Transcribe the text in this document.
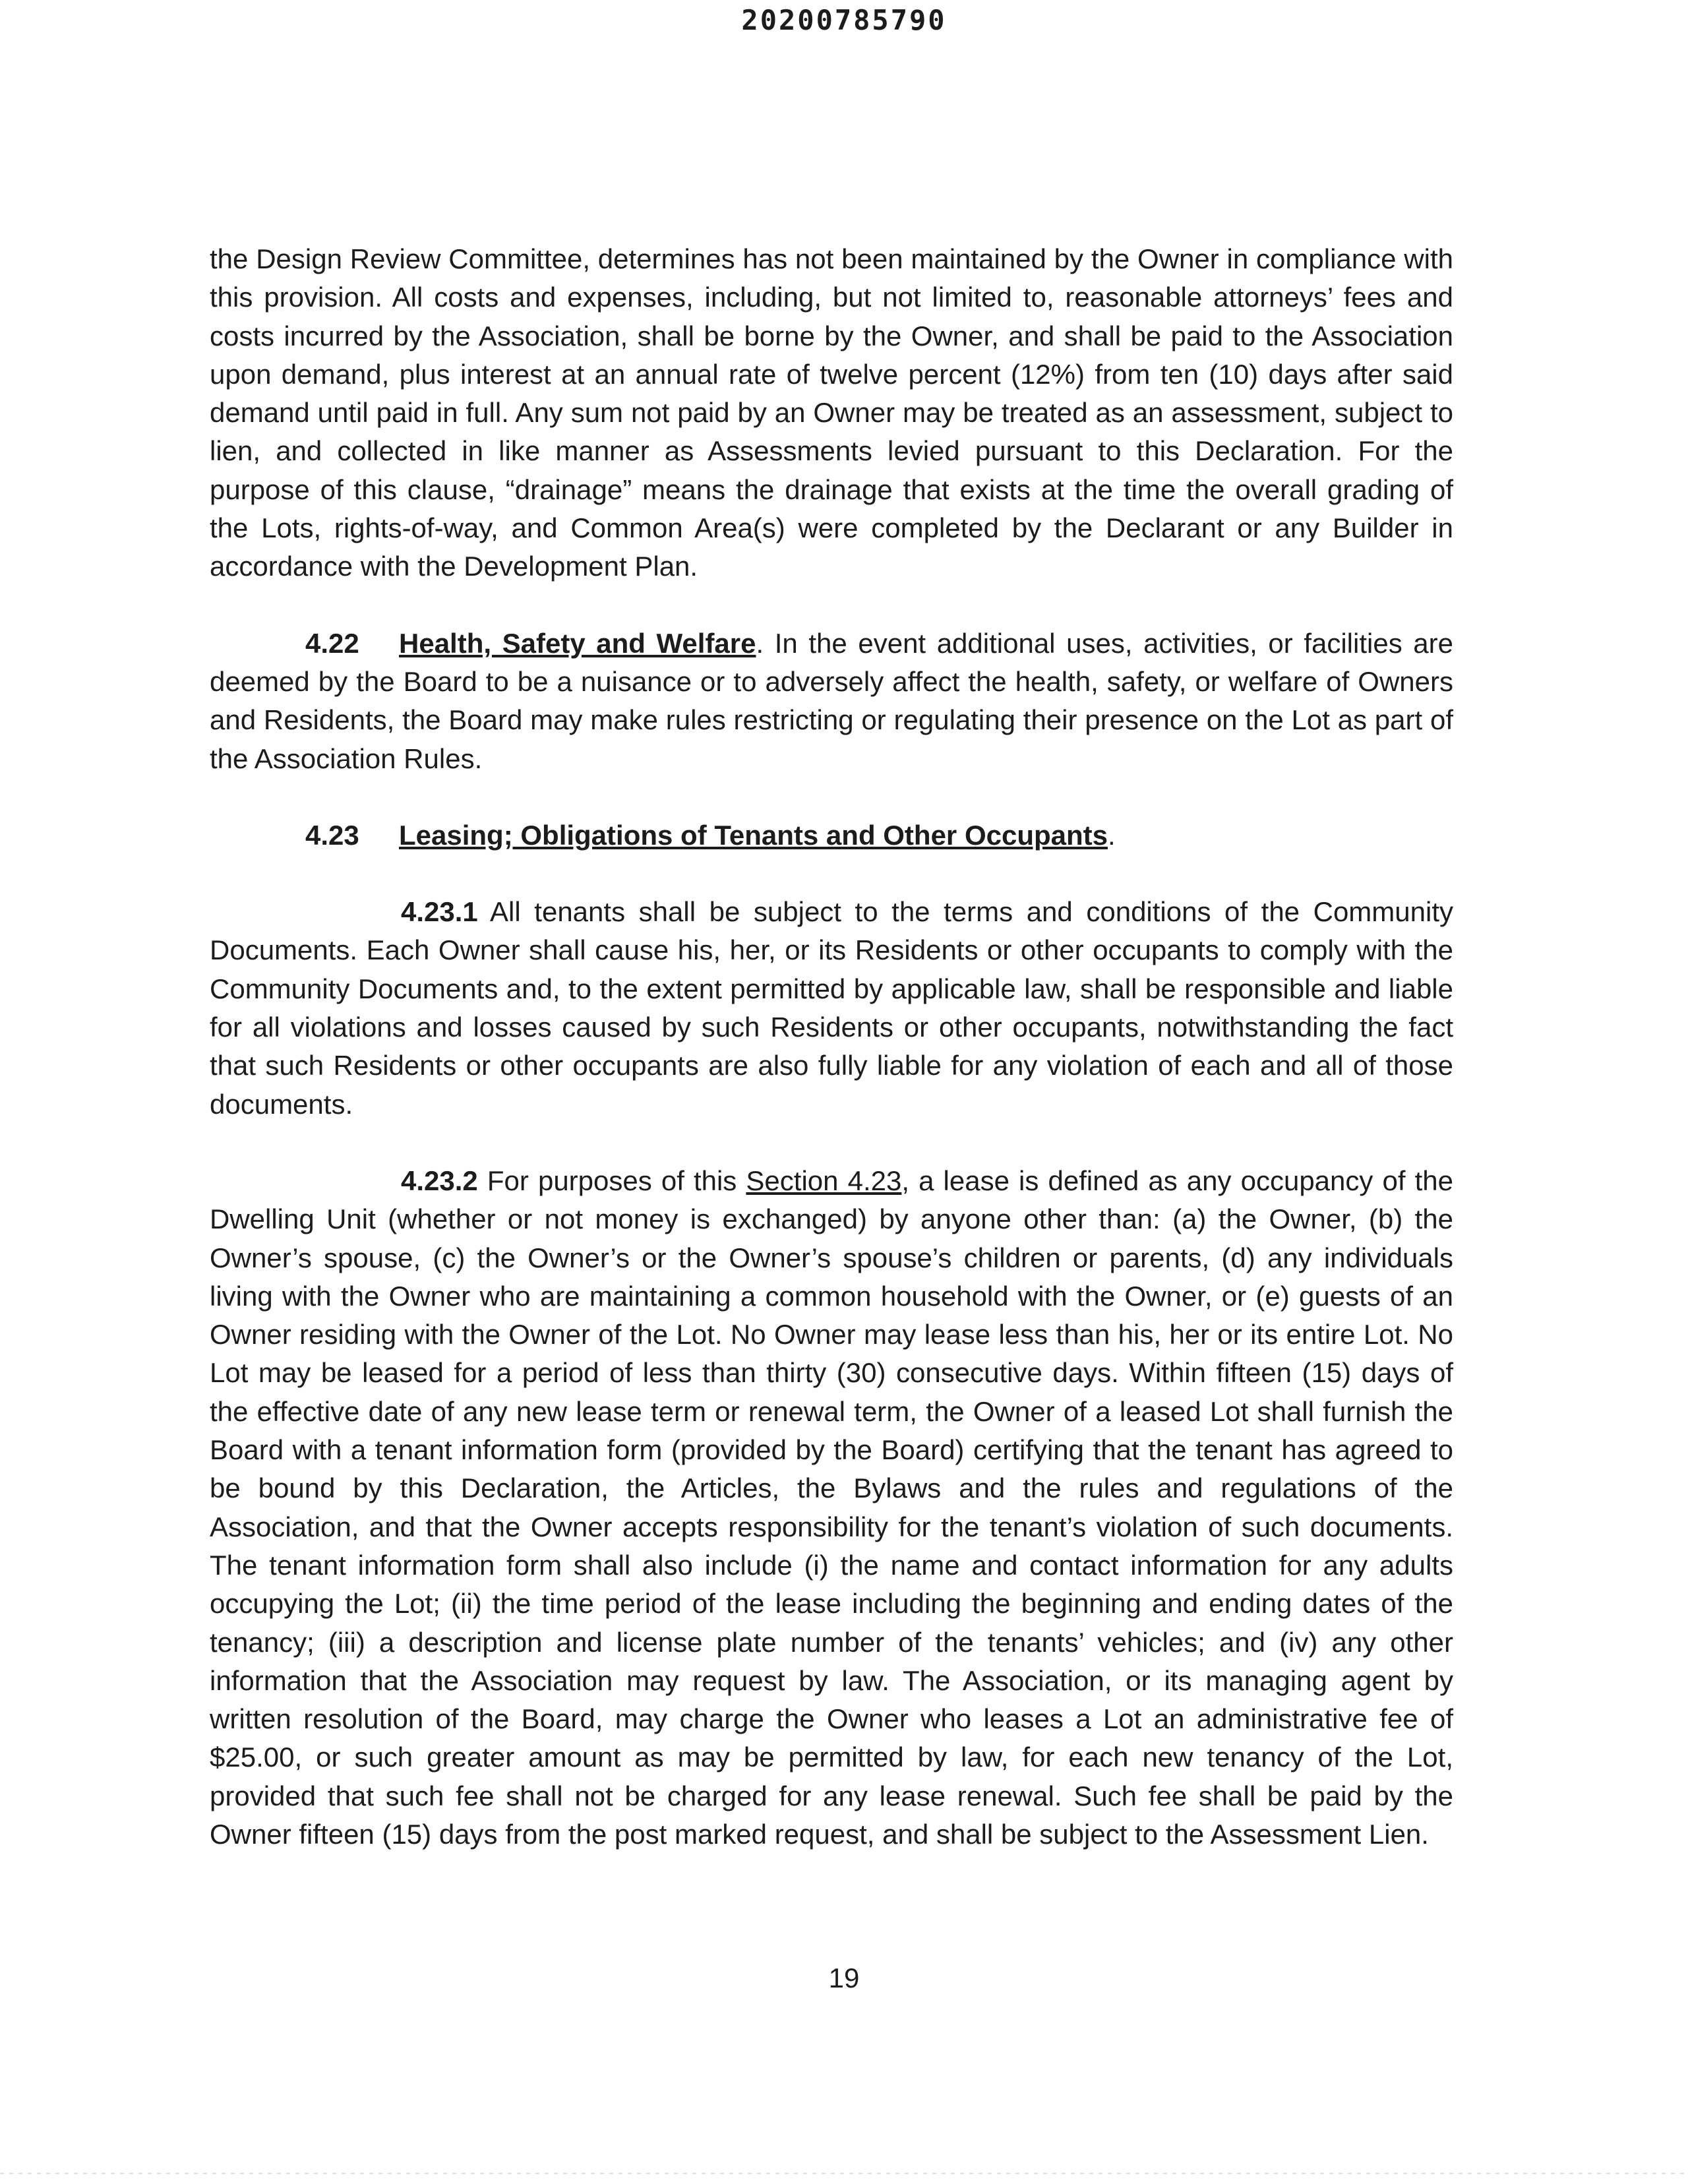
20200785790

the Design Review Committee, determines has not been maintained by the Owner in compliance with this provision. All costs and expenses, including, but not limited to, reasonable attorneys’ fees and costs incurred by the Association, shall be borne by the Owner, and shall be paid to the Association upon demand, plus interest at an annual rate of twelve percent (12%) from ten (10) days after said demand until paid in full. Any sum not paid by an Owner may be treated as an assessment, subject to lien, and collected in like manner as Assessments levied pursuant to this Declaration. For the purpose of this clause, “drainage” means the drainage that exists at the time the overall grading of the Lots, rights-of-way, and Common Area(s) were completed by the Declarant or any Builder in accordance with the Development Plan.

4.22 Health, Safety and Welfare. In the event additional uses, activities, or facilities are deemed by the Board to be a nuisance or to adversely affect the health, safety, or welfare of Owners and Residents, the Board may make rules restricting or regulating their presence on the Lot as part of the Association Rules.

4.23 Leasing; Obligations of Tenants and Other Occupants.

4.23.1 All tenants shall be subject to the terms and conditions of the Community Documents. Each Owner shall cause his, her, or its Residents or other occupants to comply with the Community Documents and, to the extent permitted by applicable law, shall be responsible and liable for all violations and losses caused by such Residents or other occupants, notwithstanding the fact that such Residents or other occupants are also fully liable for any violation of each and all of those documents.

4.23.2 For purposes of this Section 4.23, a lease is defined as any occupancy of the Dwelling Unit (whether or not money is exchanged) by anyone other than: (a) the Owner, (b) the Owner’s spouse, (c) the Owner’s or the Owner’s spouse’s children or parents, (d) any individuals living with the Owner who are maintaining a common household with the Owner, or (e) guests of an Owner residing with the Owner of the Lot. No Owner may lease less than his, her or its entire Lot. No Lot may be leased for a period of less than thirty (30) consecutive days. Within fifteen (15) days of the effective date of any new lease term or renewal term, the Owner of a leased Lot shall furnish the Board with a tenant information form (provided by the Board) certifying that the tenant has agreed to be bound by this Declaration, the Articles, the Bylaws and the rules and regulations of the Association, and that the Owner accepts responsibility for the tenant’s violation of such documents. The tenant information form shall also include (i) the name and contact information for any adults occupying the Lot; (ii) the time period of the lease including the beginning and ending dates of the tenancy; (iii) a description and license plate number of the tenants’ vehicles; and (iv) any other information that the Association may request by law. The Association, or its managing agent by written resolution of the Board, may charge the Owner who leases a Lot an administrative fee of $25.00, or such greater amount as may be permitted by law, for each new tenancy of the Lot, provided that such fee shall not be charged for any lease renewal. Such fee shall be paid by the Owner fifteen (15) days from the post marked request, and shall be subject to the Assessment Lien.

19
